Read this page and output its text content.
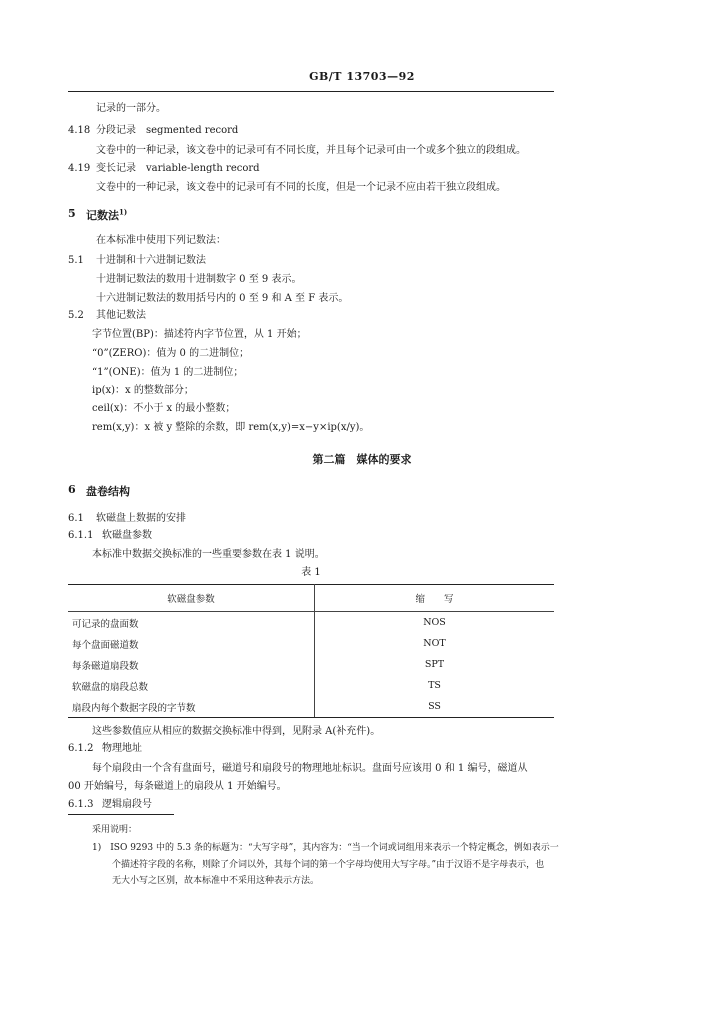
GB/T 13703—92
记录的一部分。
4.18 分段记录　segmented record
文卷中的一种记录，该文卷中的记录可有不同长度，并且每个记录可由一个或多个独立的段组成。
4.19 变长记录　variable-length record
文卷中的一种记录，该文卷中的记录可有不同的长度，但是一个记录不应由若干独立段组成。
5 记数法$^{1)}$
在本标准中使用下列记数法：
5.1 十进制和十六进制记数法
十进制记数法的数用十进制数字 0 至 9 表示。
十六进制记数法的数用括号内的 0 至 9 和 A 至 F 表示。
5.2 其他记数法
字节位置(BP)：描述符内字节位置，从 1 开始；
“0”(ZERO)：值为 0 的二进制位；
“1”(ONE)：值为 1 的二进制位；
ip(x)：x 的整数部分；
ceil(x)：不小于 x 的最小整数；
rem(x,y)：x 被 y 整除的余数，即 rem(x,y)=x−y×ip(x/y)。
第二篇　媒体的要求
6 盘卷结构
6.1 软磁盘上数据的安排
6.1.1 软磁盘参数
本标准中数据交换标准的一些重要参数在表 1 说明。
表 1
软磁盘参数	缩　　写
可记录的盘面数	NOS
每个盘面磁道数	NOT
每条磁道扇段数	SPT
软磁盘的扇段总数	TS
扇段内每个数据字段的字节数	SS
这些参数值应从相应的数据交换标准中得到，见附录 A(补充件)。
6.1.2 物理地址
每个扇段由一个含有盘面号，磁道号和扇段号的物理地址标识。盘面号应该用 0 和 1 编号，磁道从
00 开始编号，每条磁道上的扇段从 1 开始编号。
6.1.3 逻辑扇段号
采用说明：
1)　ISO 9293 中的 5.3 条的标题为：“大写字母”，其内容为：“当一个词或词组用来表示一个特定概念，例如表示一
个描述符字段的名称，则除了介词以外，其每个词的第一个字母均使用大写字母。”由于汉语不是字母表示，也
无大小写之区别，故本标准中不采用这种表示方法。
